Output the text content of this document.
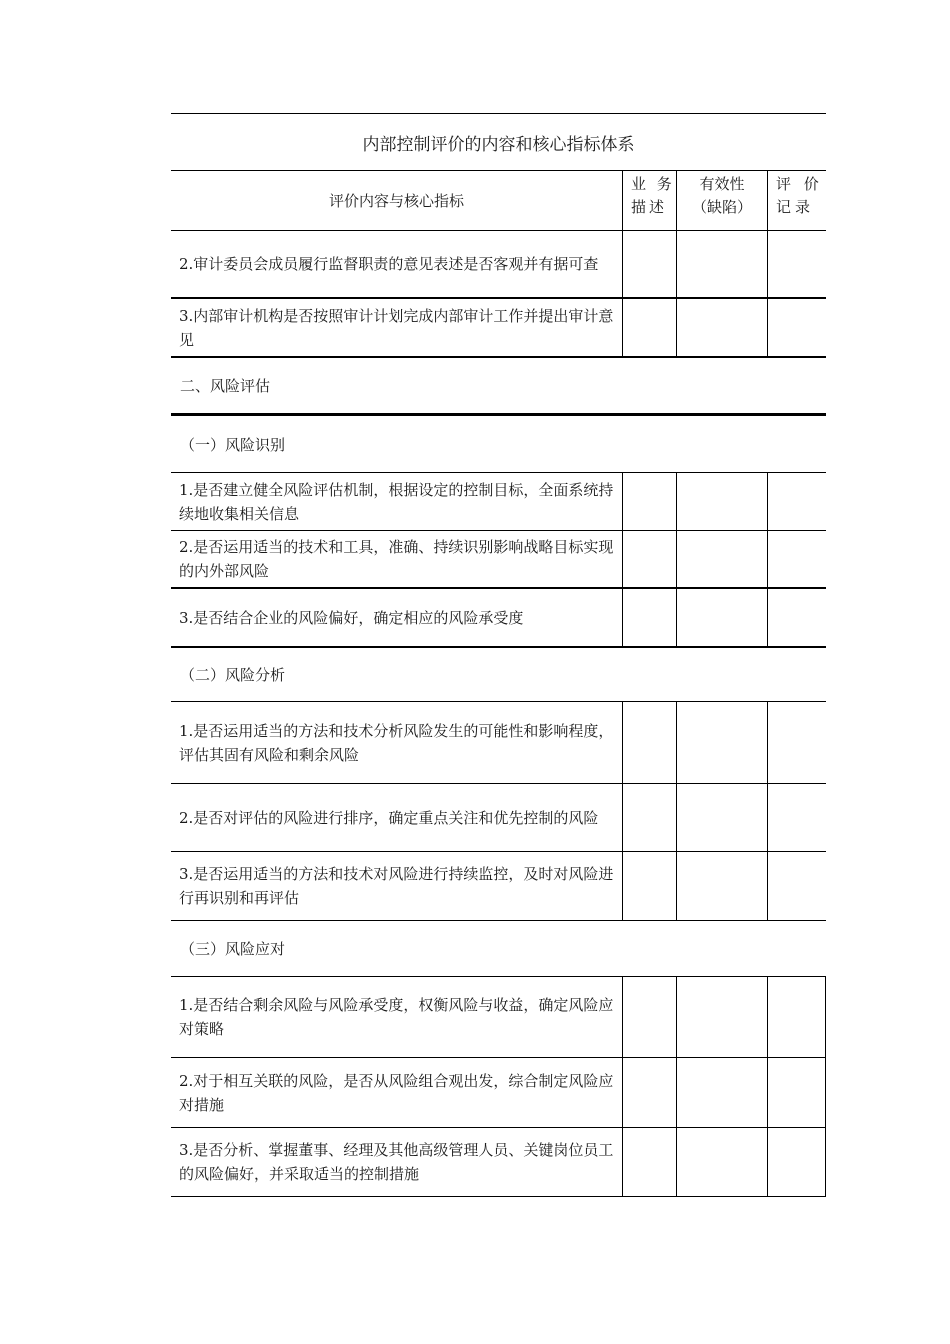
内部控制评价的内容和核心指标体系
评价内容与核心指标
业 务
描述
有效性
（缺陷）
评 价
记录
2.审计委员会成员履行监督职责的意见表述是否客观并有据可查
3.内部审计机构是否按照审计计划完成内部审计工作并提出审计意见
二、风险评估
（一）风险识别
1.是否建立健全风险评估机制，根据设定的控制目标，全面系统持续地收集相关信息
2.是否运用适当的技术和工具，准确、持续识别影响战略目标实现的内外部风险
3.是否结合企业的风险偏好，确定相应的风险承受度
（二）风险分析
1.是否运用适当的方法和技术分析风险发生的可能性和影响程度，评估其固有风险和剩余风险
2.是否对评估的风险进行排序，确定重点关注和优先控制的风险
3.是否运用适当的方法和技术对风险进行持续监控，及时对风险进行再识别和再评估
（三）风险应对
1.是否结合剩余风险与风险承受度，权衡风险与收益，确定风险应对策略
2.对于相互关联的风险，是否从风险组合观出发，综合制定风险应对措施
3.是否分析、掌握董事、经理及其他高级管理人员、关键岗位员工的风险偏好，并采取适当的控制措施
